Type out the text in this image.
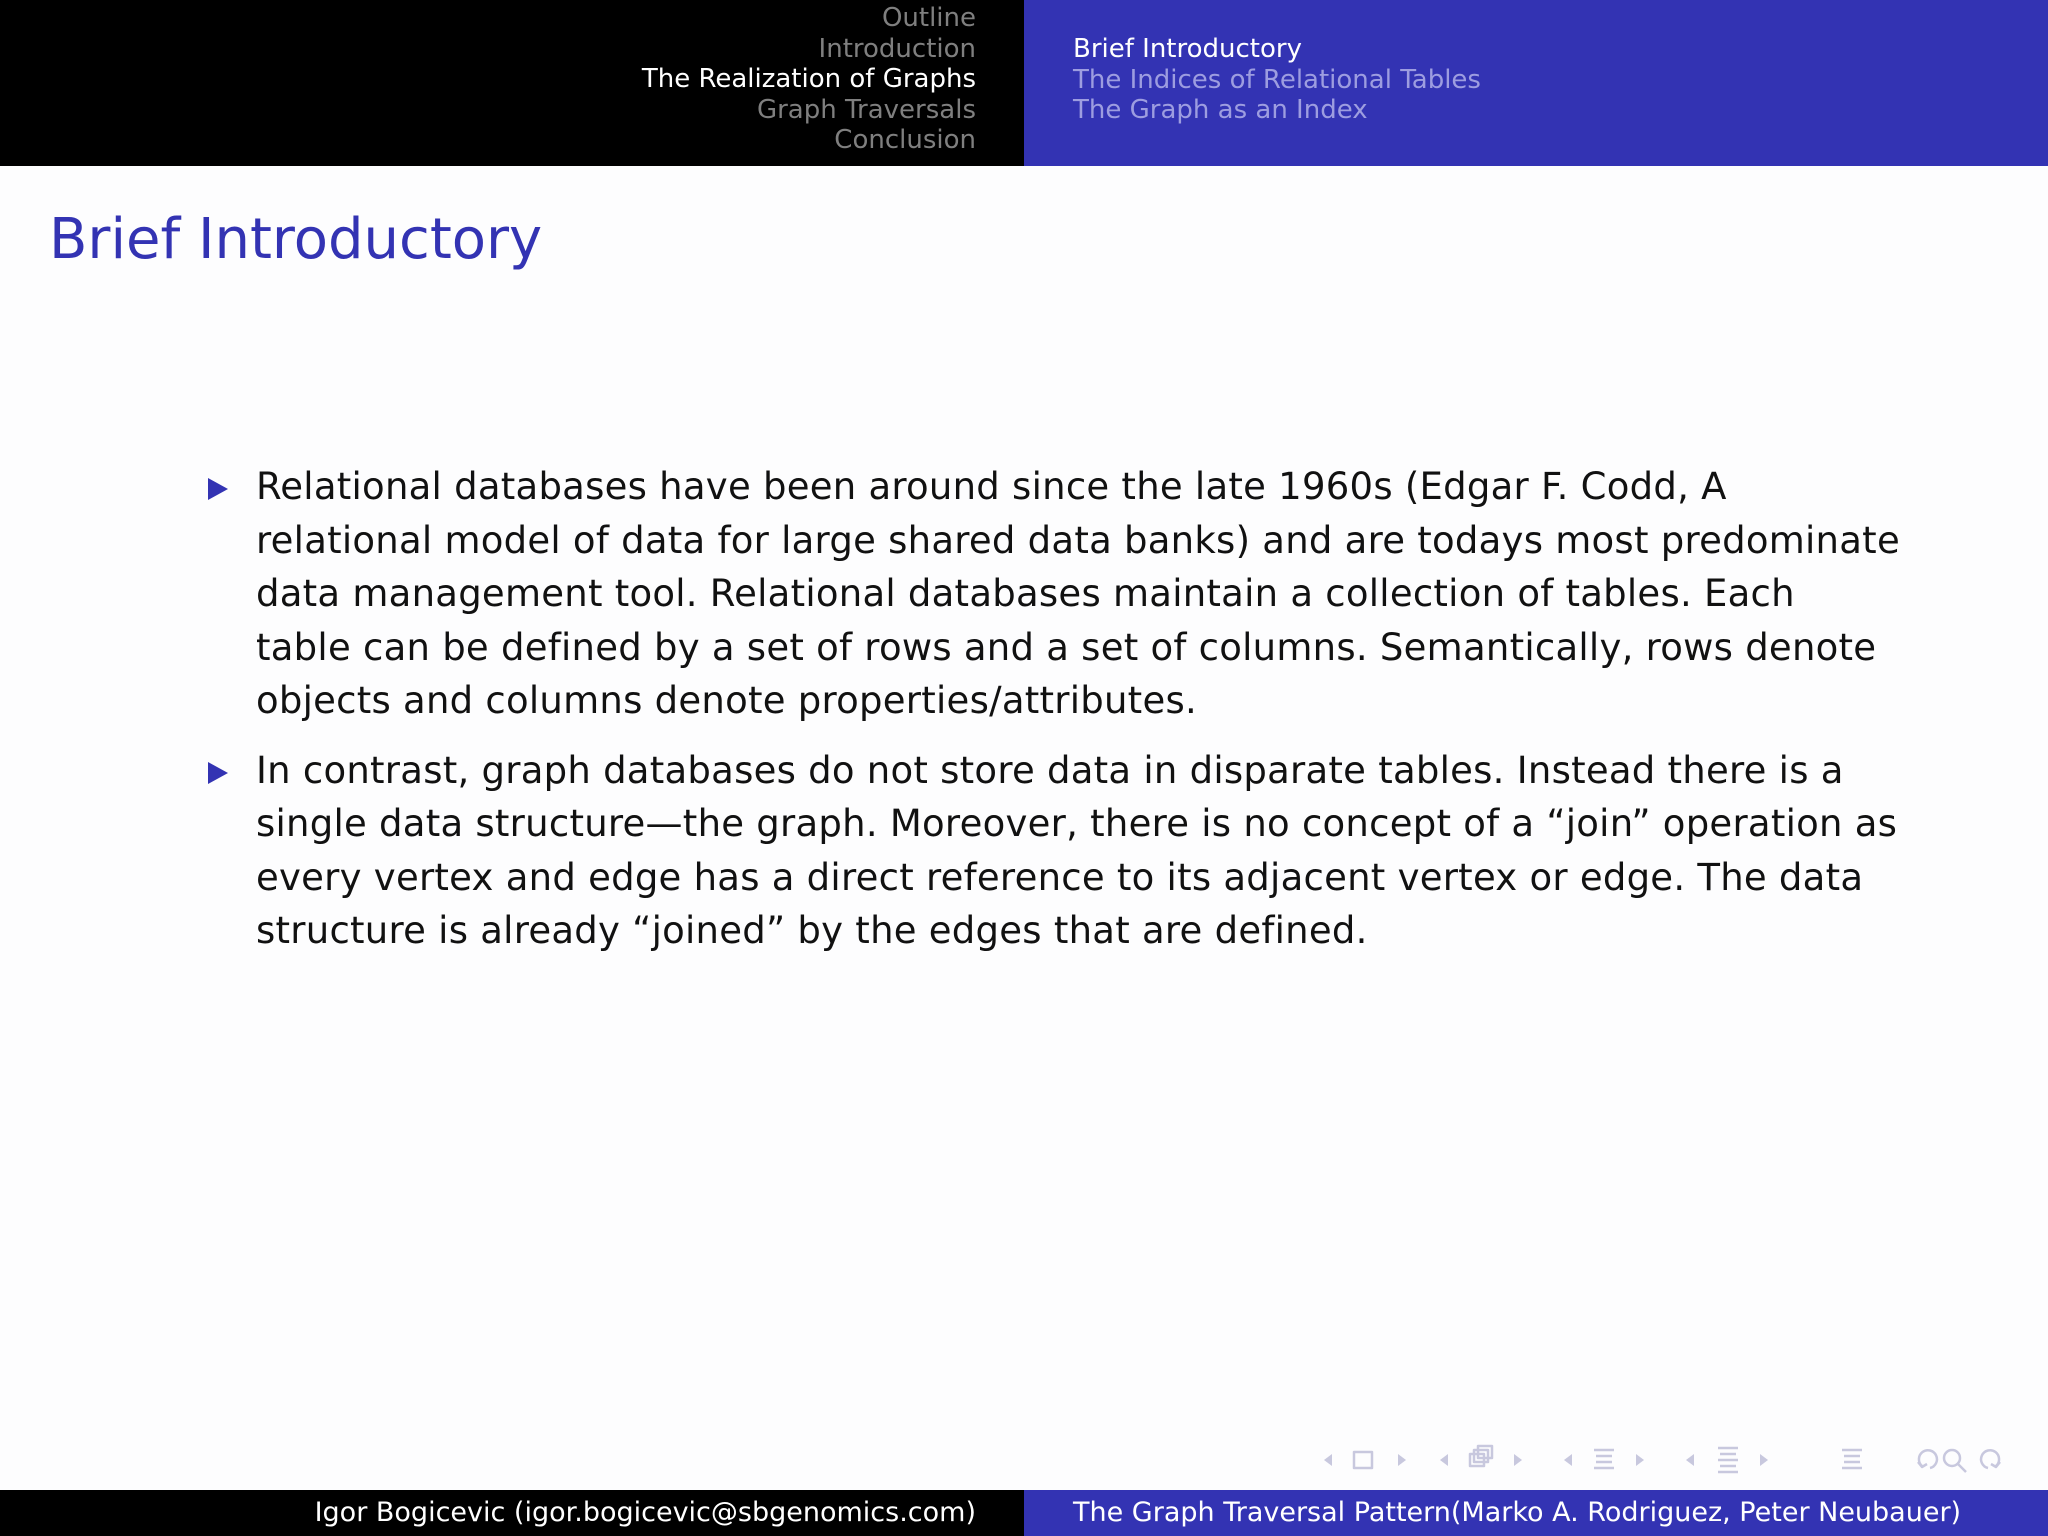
Outline
Introduction
The Realization of Graphs
Graph Traversals
Conclusion
Brief Introductory
The Indices of Relational Tables
The Graph as an Index
Brief Introductory
Relational databases have been around since the late 1960s (Edgar F. Codd, A relational model of data for large shared data banks) and are todays most predominate data management tool. Relational databases maintain a collection of tables. Each table can be defined by a set of rows and a set of columns. Semantically, rows denote objects and columns denote properties/attributes.
In contrast, graph databases do not store data in disparate tables. Instead there is a single data structure—the graph. Moreover, there is no concept of a “join” operation as every vertex and edge has a direct reference to its adjacent vertex or edge. The data structure is already “joined” by the edges that are defined.
Igor Bogicevic (igor.bogicevic@sbgenomics.com)	The Graph Traversal Pattern(Marko A. Rodriguez, Peter Neubauer)
